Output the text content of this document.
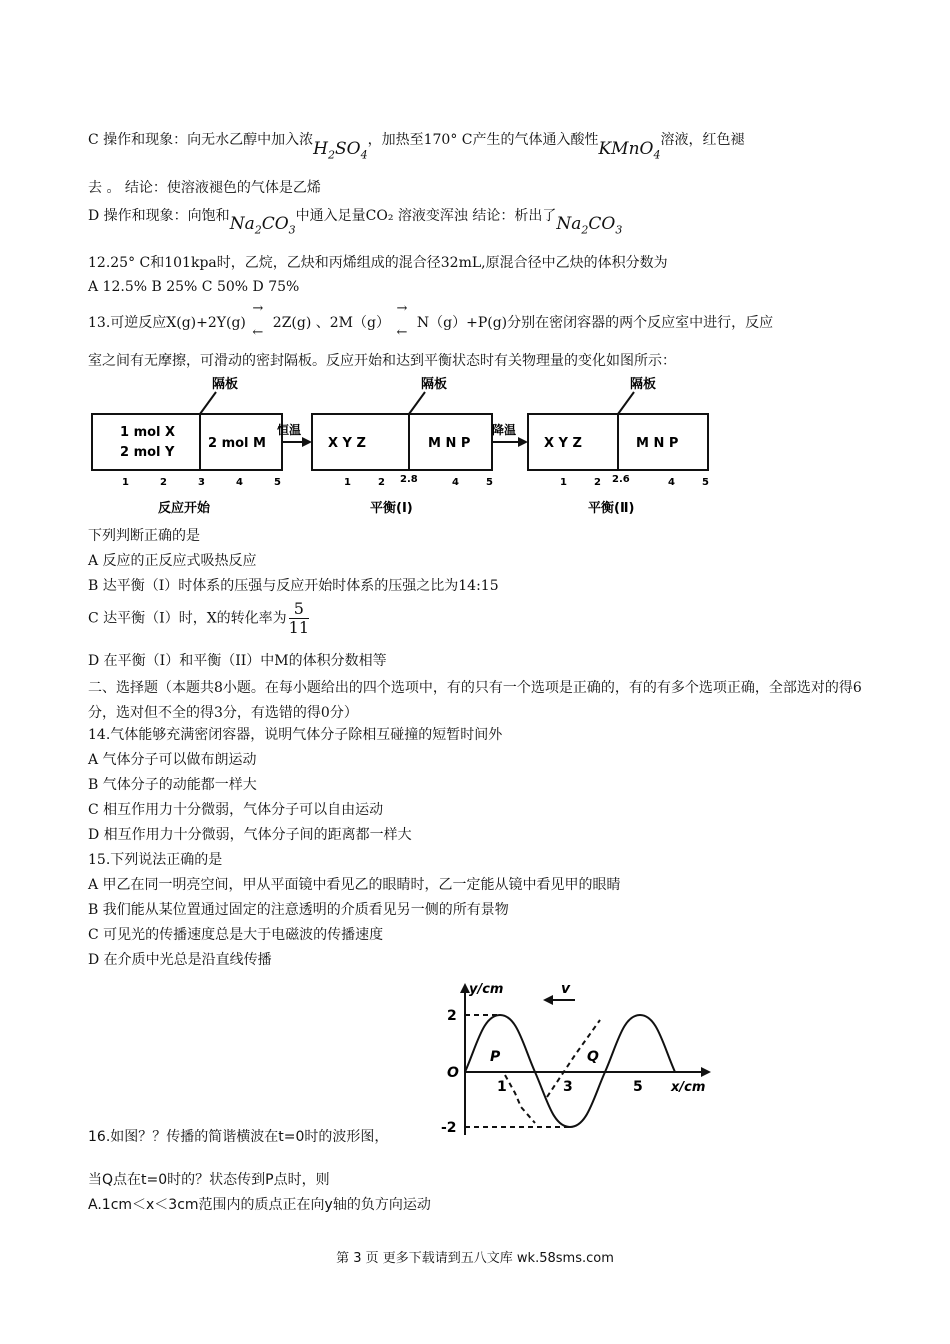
C 操作和现象：向无水乙醇中加入浓$H_2SO_4$，加热至170° C产生的气体通入酸性KMnO$_4$溶液，红色褪
去 。 结论：使溶液褪色的气体是乙烯
D 操作和现象：向饱和$Na_2CO_3$中通入足量CO₂ 溶液变浑浊 结论：析出了$Na_2CO_3$
12.25° C和101kpa时，乙烷，乙炔和丙烯组成的混合径32mL,原混合径中乙炔的体积分数为
A 12.5% B 25% C 50% D 75%
13.可逆反应X(g)+2Y(g)
→
←
2Z(g) 、2M（g）
→
←
N（g）+P(g)分别在密闭容器的两个反应室中进行，反应
室之间有无摩擦，可滑动的密封隔板。反应开始和达到平衡状态时有关物理量的变化如图所示：
隔板	隔板	隔板
1 mol X
2 mol Y
2 mol M
恒温	降温
X Y Z	M N P	X Y Z	M N P
1	2	3	4	5	1	2 2.8	4	5	1	2 2.6	4	5
反应开始	平衡(Ⅰ)	平衡(Ⅱ)
下列判断正确的是
A 反应的正反应式吸热反应
B 达平衡（I）时体系的压强与反应开始时体系的压强之比为14:15
C 达平衡（I）时，X的转化率为 $\frac{5}{11}$
D 在平衡（I）和平衡（II）中M的体积分数相等
二、选择题（本题共8小题。在每小题给出的四个选项中，有的只有一个选项是正确的，有的有多个选项正确，全部选对的得6分，选对但不全的得3分，有选错的得0分）
14.气体能够充满密闭容器，说明气体分子除相互碰撞的短暂时间外
A 气体分子可以做布朗运动
B 气体分子的动能都一样大
C 相互作用力十分微弱，气体分子可以自由运动
D 相互作用力十分微弱，气体分子间的距离都一样大
15.下列说法正确的是
A 甲乙在同一明亮空间，甲从平面镜中看见乙的眼睛时，乙一定能从镜中看见甲的眼睛
B 我们能从某位置通过固定的注意透明的介质看见另一侧的所有景物
C 可见光的传播速度总是大于电磁波的传播速度
D 在介质中光总是沿直线传播
y/cm	v
2
-2
O
P	Q
1	3	5 x/cm
16.如图？？传播的简谐横波在t=0时的波形图，
当Q点在t=0时的？状态传到P点时，则
A.1cm＜x＜3cm范围内的质点正在向y轴的负方向运动
第 3 页 更多下载请到五八文库 wk.58sms.com
